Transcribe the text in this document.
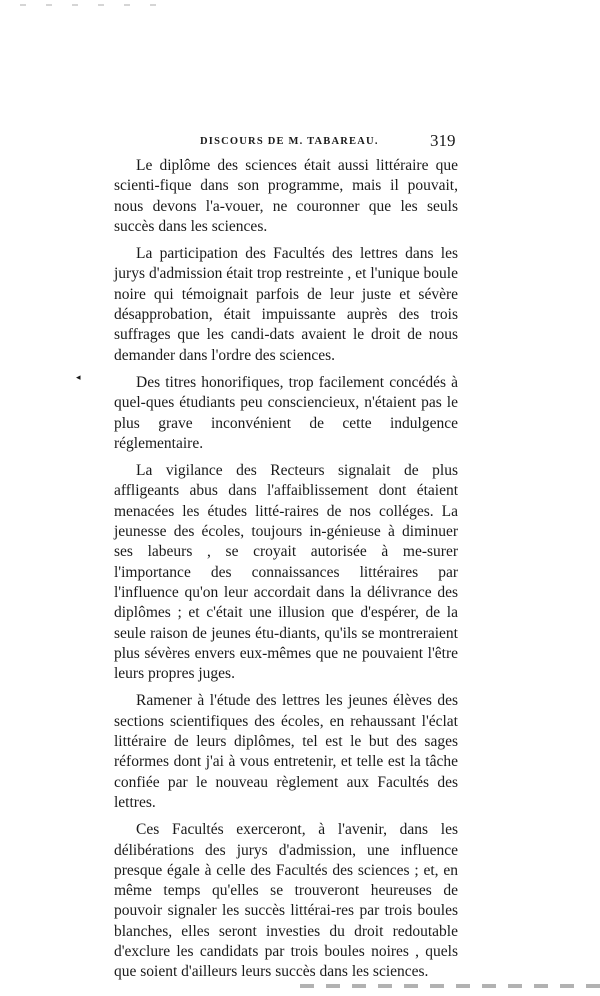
DISCOURS DE M. TABAREAU.	319
◂

Le diplôme des sciences était aussi littéraire que scienti-fique dans son programme, mais il pouvait, nous devons l'a-vouer, ne couronner que les seuls succès dans les sciences.

La participation des Facultés des lettres dans les jurys d'admission était trop restreinte , et l'unique boule noire qui témoignait parfois de leur juste et sévère désapprobation, était impuissante auprès des trois suffrages que les candi-dats avaient le droit de nous demander dans l'ordre des sciences.

Des titres honorifiques, trop facilement concédés à quel-ques étudiants peu consciencieux, n'étaient pas le plus grave inconvénient de cette indulgence réglementaire.

La vigilance des Recteurs signalait de plus affligeants abus dans l'affaiblissement dont étaient menacées les études litté-raires de nos colléges. La jeunesse des écoles, toujours in-génieuse à diminuer ses labeurs , se croyait autorisée à me-surer l'importance des connaissances littéraires par l'influence qu'on leur accordait dans la délivrance des diplômes ; et c'était une illusion que d'espérer, de la seule raison de jeunes étu-diants, qu'ils se montreraient plus sévères envers eux-mêmes que ne pouvaient l'être leurs propres juges.

Ramener à l'étude des lettres les jeunes élèves des sections scientifiques des écoles, en rehaussant l'éclat littéraire de leurs diplômes, tel est le but des sages réformes dont j'ai à vous entretenir, et telle est la tâche confiée par le nouveau règlement aux Facultés des lettres.

Ces Facultés exerceront, à l'avenir, dans les délibérations des jurys d'admission, une influence presque égale à celle des Facultés des sciences ; et, en même temps qu'elles se trouveront heureuses de pouvoir signaler les succès littérai-res par trois boules blanches, elles seront investies du droit redoutable d'exclure les candidats par trois boules noires , quels que soient d'ailleurs leurs succès dans les sciences.
